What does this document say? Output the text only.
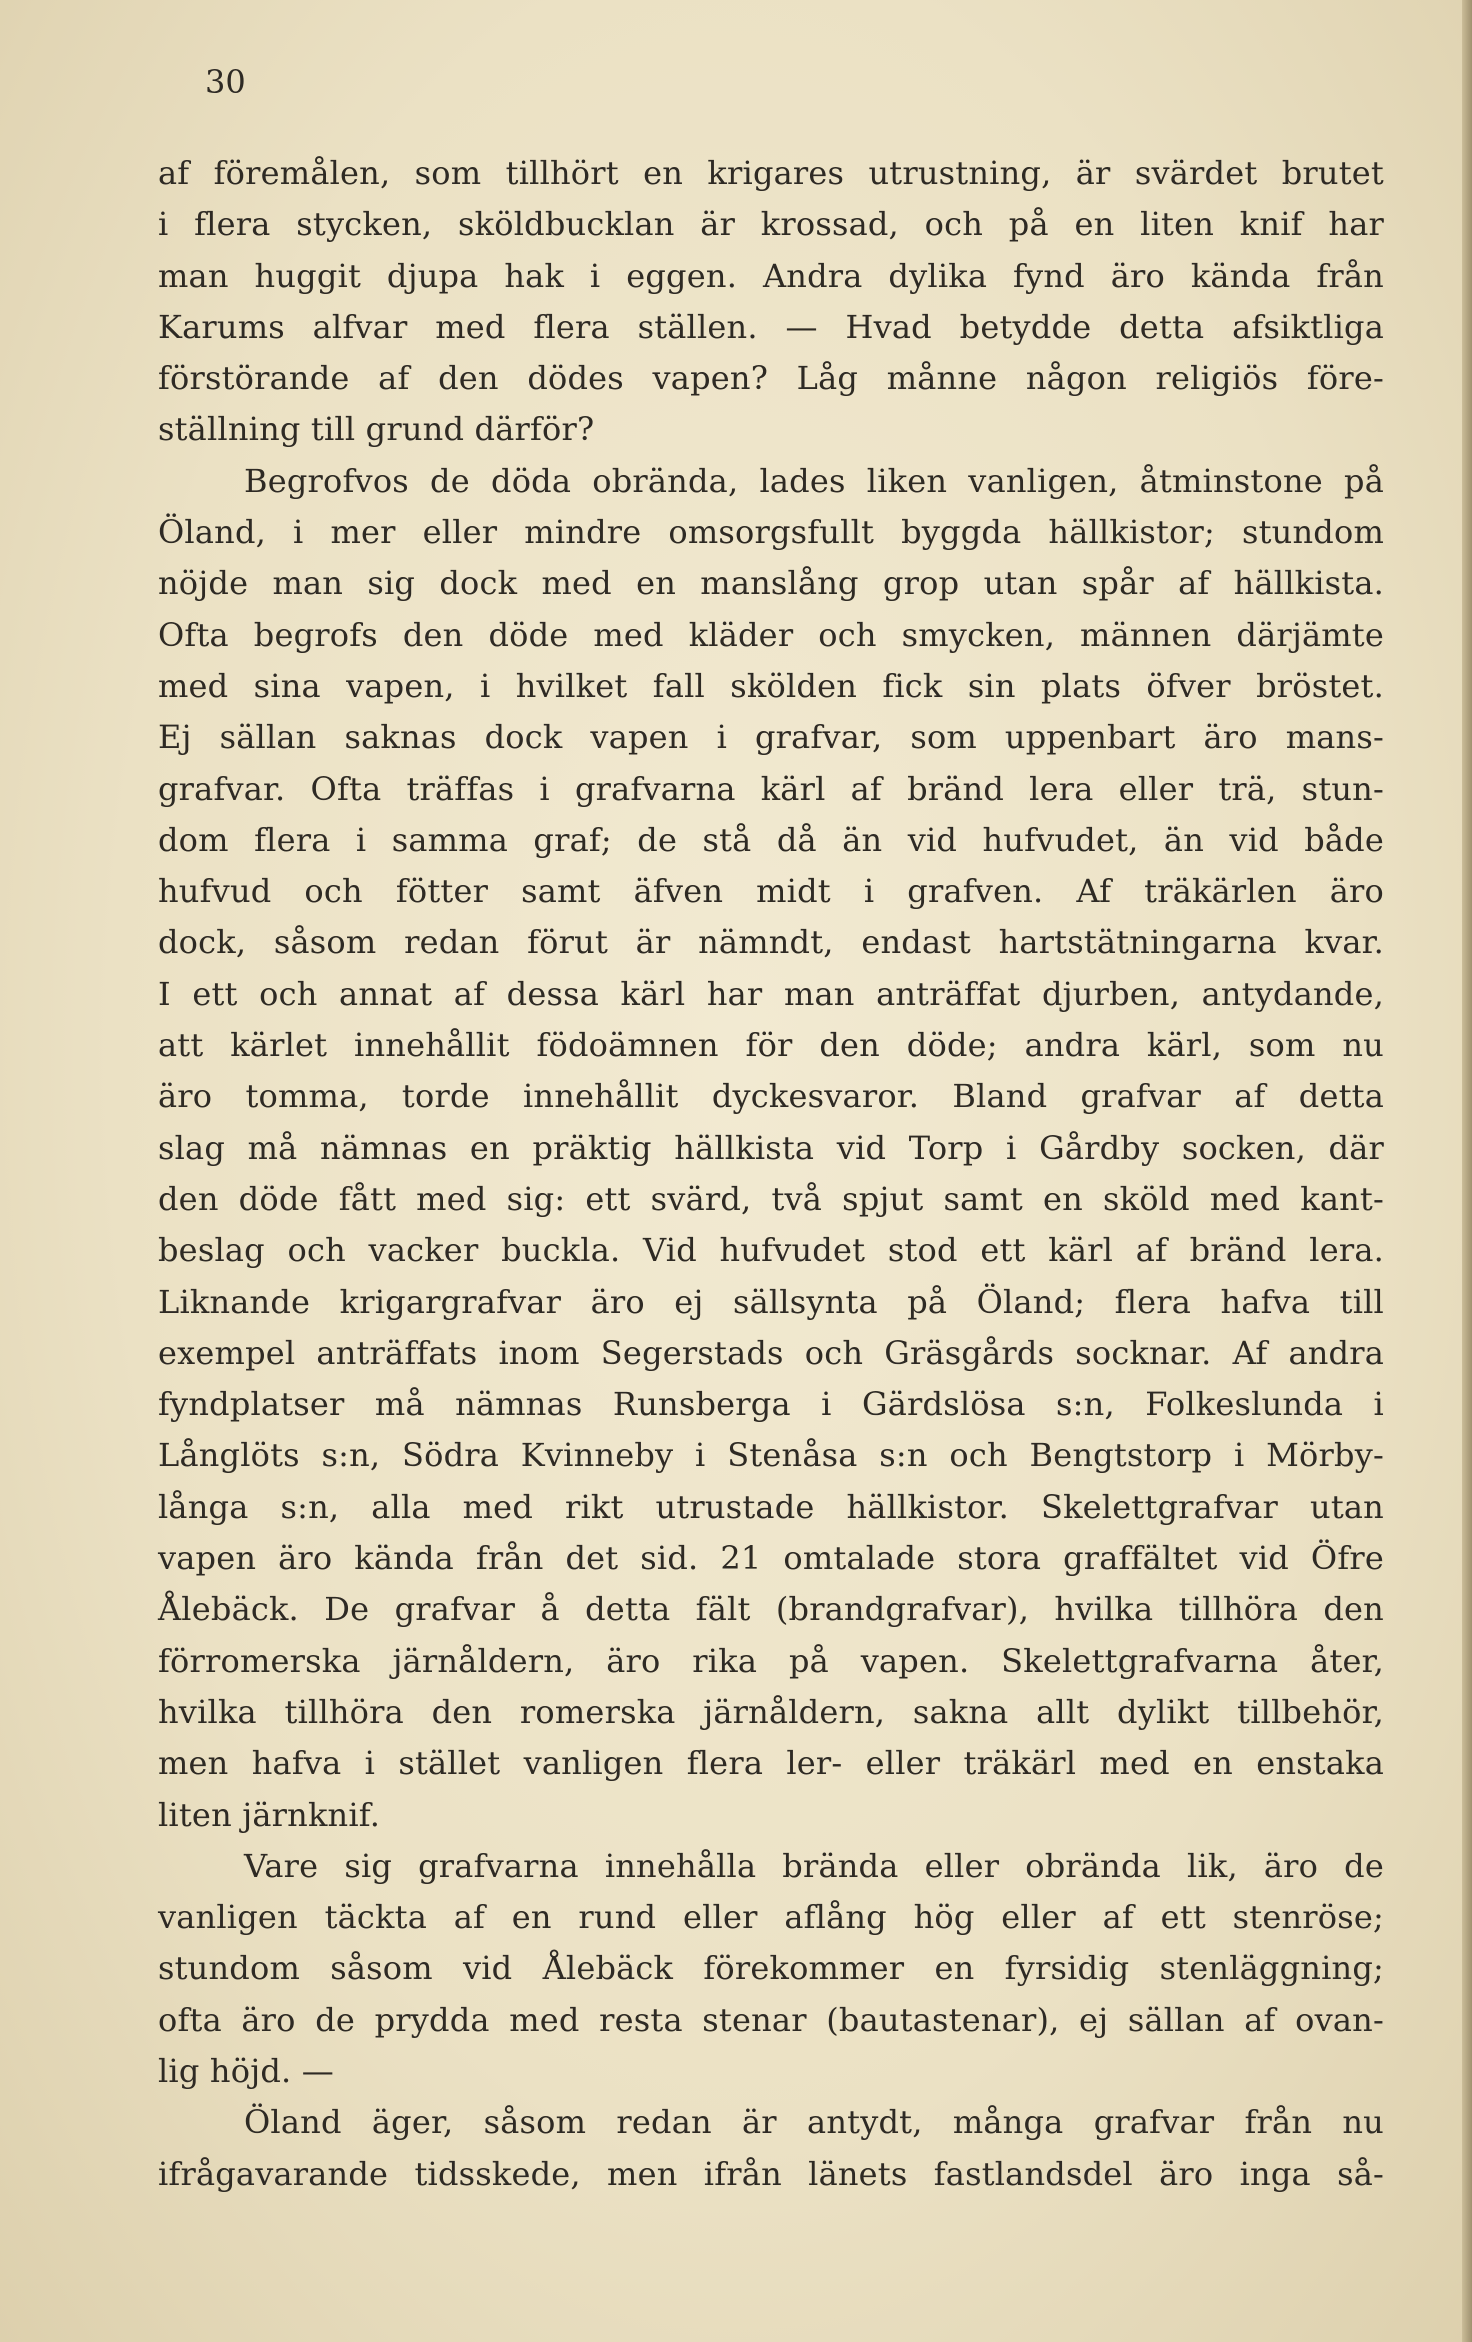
30

af föremålen, som tillhört en krigares utrustning, är svärdet brutet
i flera stycken, sköldbucklan är krossad, och på en liten knif har
man huggit djupa hak i eggen. Andra dylika fynd äro kända från
Karums alfvar med flera ställen. — Hvad betydde detta afsiktliga
förstörande af den dödes vapen? Låg månne någon religiös före-
ställning till grund därför?
Begrofvos de döda obrända, lades liken vanligen, åtminstone på
Öland, i mer eller mindre omsorgsfullt byggda hällkistor; stundom
nöjde man sig dock med en manslång grop utan spår af hällkista.
Ofta begrofs den döde med kläder och smycken, männen därjämte
med sina vapen, i hvilket fall skölden fick sin plats öfver bröstet.
Ej sällan saknas dock vapen i grafvar, som uppenbart äro mans-
grafvar. Ofta träffas i grafvarna kärl af bränd lera eller trä, stun-
dom flera i samma graf; de stå då än vid hufvudet, än vid både
hufvud och fötter samt äfven midt i grafven. Af träkärlen äro
dock, såsom redan förut är nämndt, endast hartstätningarna kvar.
I ett och annat af dessa kärl har man anträffat djurben, antydande,
att kärlet innehållit födoämnen för den döde; andra kärl, som nu
äro tomma, torde innehållit dyckesvaror. Bland grafvar af detta
slag må nämnas en präktig hällkista vid Torp i Gårdby socken, där
den döde fått med sig: ett svärd, två spjut samt en sköld med kant-
beslag och vacker buckla. Vid hufvudet stod ett kärl af bränd lera.
Liknande krigargrafvar äro ej sällsynta på Öland; flera hafva till
exempel anträffats inom Segerstads och Gräsgårds socknar. Af andra
fyndplatser må nämnas Runsberga i Gärdslösa s:n, Folkeslunda i
Långlöts s:n, Södra Kvinneby i Stenåsa s:n och Bengtstorp i Mörby-
långa s:n, alla med rikt utrustade hällkistor. Skelettgrafvar utan
vapen äro kända från det sid. 21 omtalade stora graffältet vid Öfre
Ålebäck. De grafvar å detta fält (brandgrafvar), hvilka tillhöra den
förromerska järnåldern, äro rika på vapen. Skelettgrafvarna åter,
hvilka tillhöra den romerska järnåldern, sakna allt dylikt tillbehör,
men hafva i stället vanligen flera ler- eller träkärl med en enstaka
liten järnknif.
Vare sig grafvarna innehålla brända eller obrända lik, äro de
vanligen täckta af en rund eller aflång hög eller af ett stenröse;
stundom såsom vid Ålebäck förekommer en fyrsidig stenläggning;
ofta äro de prydda med resta stenar (bautastenar), ej sällan af ovan-
lig höjd. —
Öland äger, såsom redan är antydt, många grafvar från nu
ifrågavarande tidsskede, men ifrån länets fastlandsdel äro inga så-
